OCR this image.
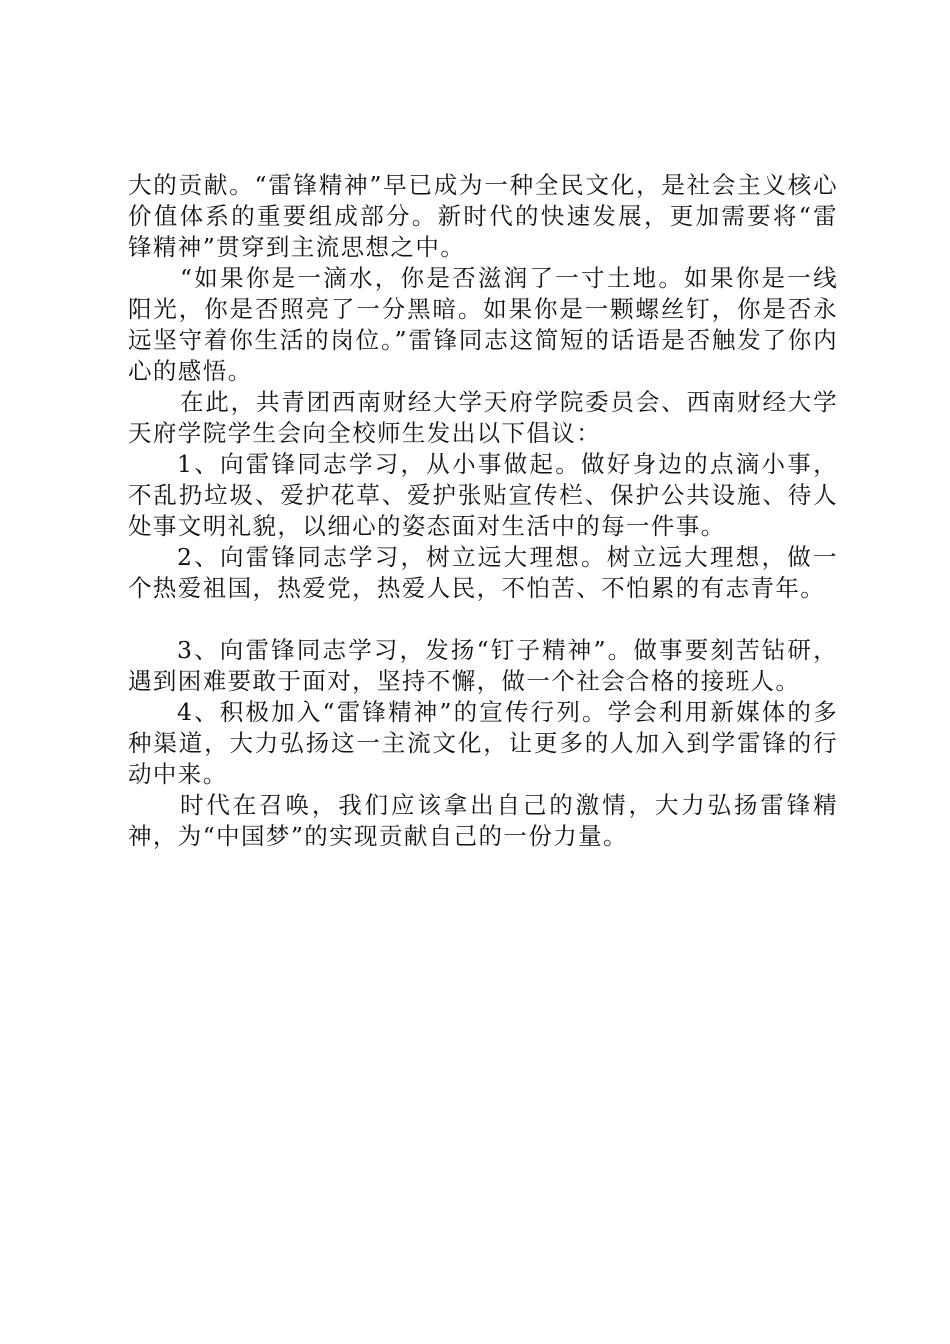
大的贡献。“雷锋精神”早已成为一种全民文化，是社会主义核心价值体系的重要组成部分。新时代的快速发展，更加需要将“雷锋精神”贯穿到主流思想之中。

“如果你是一滴水，你是否滋润了一寸土地。如果你是一线阳光，你是否照亮了一分黑暗。如果你是一颗螺丝钉，你是否永远坚守着你生活的岗位。”雷锋同志这简短的话语是否触发了你内心的感悟。

在此，共青团西南财经大学天府学院委员会、西南财经大学天府学院学生会向全校师生发出以下倡议：

1、向雷锋同志学习，从小事做起。做好身边的点滴小事，不乱扔垃圾、爱护花草、爱护张贴宣传栏、保护公共设施、待人处事文明礼貌，以细心的姿态面对生活中的每一件事。

2、向雷锋同志学习，树立远大理想。树立远大理想，做一个热爱祖国，热爱党，热爱人民，不怕苦、不怕累的有志青年。

3、向雷锋同志学习，发扬“钉子精神”。做事要刻苦钻研，遇到困难要敢于面对，坚持不懈，做一个社会合格的接班人。

4、积极加入“雷锋精神”的宣传行列。学会利用新媒体的多种渠道，大力弘扬这一主流文化，让更多的人加入到学雷锋的行动中来。

时代在召唤，我们应该拿出自己的激情，大力弘扬雷锋精神，为“中国梦”的实现贡献自己的一份力量。
